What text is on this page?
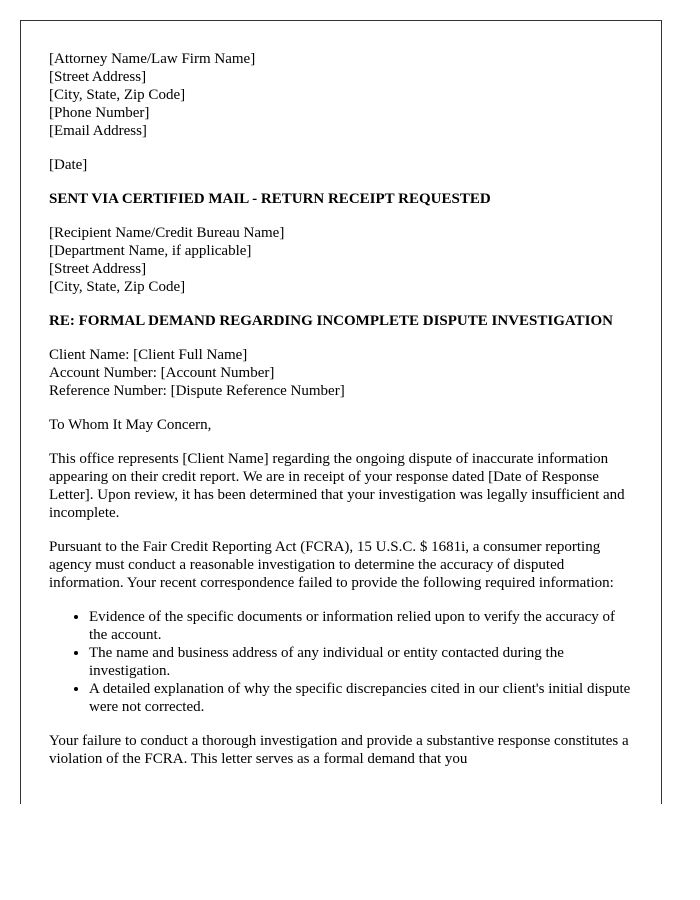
[Attorney Name/Law Firm Name]
[Street Address]
[City, State, Zip Code]
[Phone Number]
[Email Address]

[Date]

SENT VIA CERTIFIED MAIL - RETURN RECEIPT REQUESTED

[Recipient Name/Credit Bureau Name]
[Department Name, if applicable]
[Street Address]
[City, State, Zip Code]

RE: FORMAL DEMAND REGARDING INCOMPLETE DISPUTE INVESTIGATION

Client Name: [Client Full Name]
Account Number: [Account Number]
Reference Number: [Dispute Reference Number]

To Whom It May Concern,

This office represents [Client Name] regarding the ongoing dispute of inaccurate information appearing on their credit report. We are in receipt of your response dated [Date of Response Letter]. Upon review, it has been determined that your investigation was legally insufficient and incomplete.

Pursuant to the Fair Credit Reporting Act (FCRA), 15 U.S.C. $ 1681i, a consumer reporting agency must conduct a reasonable investigation to determine the accuracy of disputed information. Your recent correspondence failed to provide the following required information:

• Evidence of the specific documents or information relied upon to verify the accuracy of the account.
• The name and business address of any individual or entity contacted during the investigation.
• A detailed explanation of why the specific discrepancies cited in our client's initial dispute were not corrected.

Your failure to conduct a thorough investigation and provide a substantive response constitutes a violation of the FCRA. This letter serves as a formal demand that you
